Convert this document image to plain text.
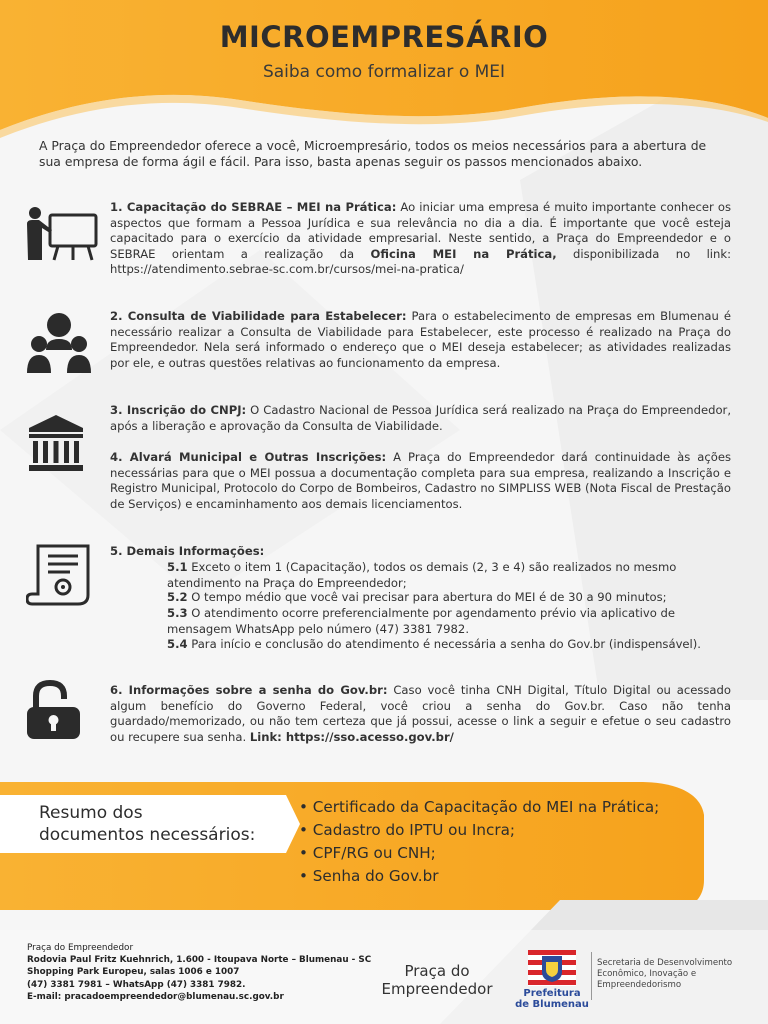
MICROEMPRESÁRIO
Saiba como formalizar o MEI
A Praça do Empreendedor oferece a você, Microempresário, todos os meios necessários para a abertura de sua empresa de forma ágil e fácil. Para isso, basta apenas seguir os passos mencionados abaixo.
1. Capacitação do SEBRAE – MEI na Prática: Ao iniciar uma empresa é muito importante conhecer os aspectos que formam a Pessoa Jurídica e sua relevância no dia a dia. É importante que você esteja capacitado para o exercício da atividade empresarial. Neste sentido, a Praça do Empreendedor e o SEBRAE orientam a realização da Oficina MEI na Prática, disponibilizada no link: https://atendimento.sebrae-sc.com.br/cursos/mei-na-pratica/
2. Consulta de Viabilidade para Estabelecer: Para o estabelecimento de empresas em Blumenau é necessário realizar a Consulta de Viabilidade para Estabelecer, este processo é realizado na Praça do Empreendedor. Nela será informado o endereço que o MEI deseja estabelecer; as atividades realizadas por ele, e outras questões relativas ao funcionamento da empresa.
3. Inscrição do CNPJ: O Cadastro Nacional de Pessoa Jurídica será realizado na Praça do Empreendedor, após a liberação e aprovação da Consulta de Viabilidade.
4. Alvará Municipal e Outras Inscrições: A Praça do Empreendedor dará continuidade às ações necessárias para que o MEI possua a documentação completa para sua empresa, realizando a Inscrição e Registro Municipal, Protocolo do Corpo de Bombeiros, Cadastro no SIMPLISS WEB (Nota Fiscal de Prestação de Serviços) e encaminhamento aos demais licenciamentos.
5. Demais Informações:
5.1 Exceto o item 1 (Capacitação), todos os demais (2, 3 e 4) são realizados no mesmo atendimento na Praça do Empreendedor;
5.2 O tempo médio que você vai precisar para abertura do MEI é de 30 a 90 minutos;
5.3 O atendimento ocorre preferencialmente por agendamento prévio via aplicativo de mensagem WhatsApp pelo número (47) 3381 7982.
5.4 Para início e conclusão do atendimento é necessária a senha do Gov.br (indispensável).
6. Informações sobre a senha do Gov.br: Caso você tinha CNH Digital, Título Digital ou acessado algum benefício do Governo Federal, você criou a senha do Gov.br. Caso não tenha guardado/memorizado, ou não tem certeza que já possui, acesse o link a seguir e efetue o seu cadastro ou recupere sua senha. Link: https://sso.acesso.gov.br/
Resumo dos
documentos necessários:
• Certificado da Capacitação do MEI na Prática;
• Cadastro do IPTU ou Incra;
• CPF/RG ou CNH;
• Senha do Gov.br
Praça do Empreendedor
Rodovia Paul Fritz Kuehnrich, 1.600 - Itoupava Norte – Blumenau - SC
Shopping Park Europeu, salas 1006 e 1007
(47) 3381 7981 – WhatsApp (47) 3381 7982.
E-mail: pracadoempreendedor@blumenau.sc.gov.br
Praça do
Empreendedor	Prefeitura
de Blumenau
Secretaria de Desenvolvimento Econômico, Inovação e Empreendedorismo
